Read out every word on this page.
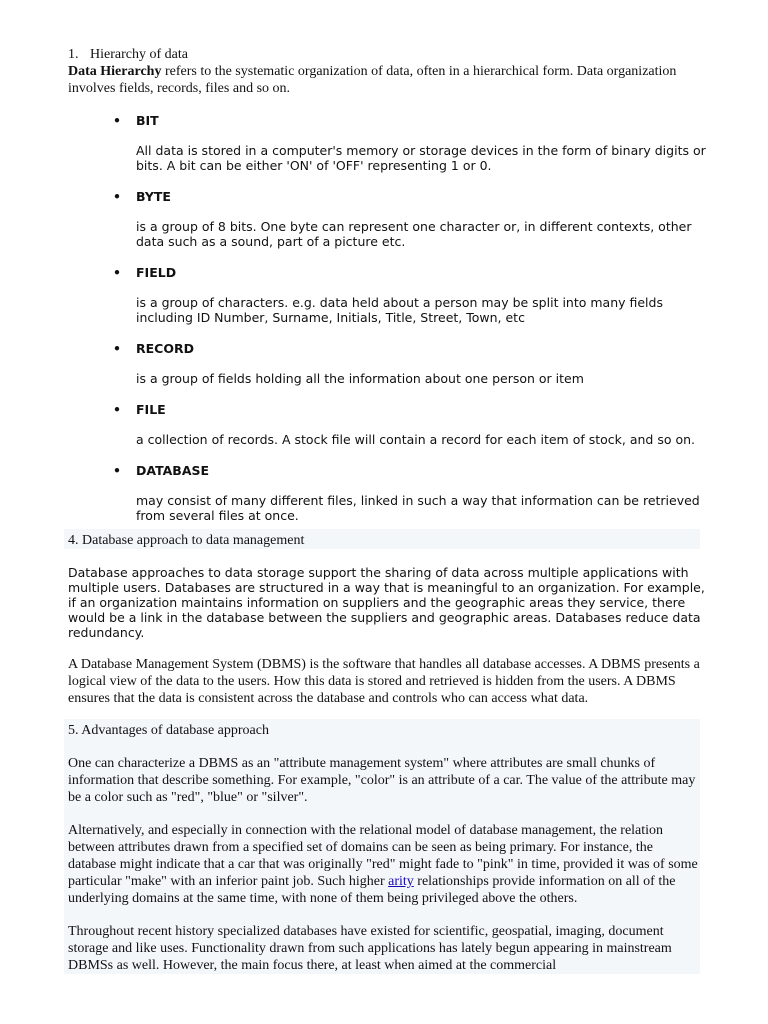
1. Hierarchy of data

Data Hierarchy refers to the systematic organization of data, often in a hierarchical form. Data organization involves fields, records, files and so on.

• BIT
All data is stored in a computer's memory or storage devices in the form of binary digits or bits. A bit can be either 'ON' of 'OFF' representing 1 or 0.
• BYTE
is a group of 8 bits. One byte can represent one character or, in different contexts, other data such as a sound, part of a picture etc.
• FIELD
is a group of characters. e.g. data held about a person may be split into many fields including ID Number, Surname, Initials, Title, Street, Town, etc
• RECORD
is a group of fields holding all the information about one person or item
• FILE
a collection of records. A stock file will contain a record for each item of stock, and so on.
• DATABASE
may consist of many different files, linked in such a way that information can be retrieved from several files at once.
4. Database approach to data management

Database approaches to data storage support the sharing of data across multiple applications with multiple users. Databases are structured in a way that is meaningful to an organization. For example, if an organization maintains information on suppliers and the geographic areas they service, there would be a link in the database between the suppliers and geographic areas. Databases reduce data redundancy.

A Database Management System (DBMS) is the software that handles all database accesses. A DBMS presents a logical view of the data to the users. How this data is stored and retrieved is hidden from the users. A DBMS ensures that the data is consistent across the database and controls who can access what data.

5. Advantages of database approach

One can characterize a DBMS as an "attribute management system" where attributes are small chunks of information that describe something. For example, "color" is an attribute of a car. The value of the attribute may be a color such as "red", "blue" or "silver".

Alternatively, and especially in connection with the relational model of database management, the relation between attributes drawn from a specified set of domains can be seen as being primary. For instance, the database might indicate that a car that was originally "red" might fade to "pink" in time, provided it was of some particular "make" with an inferior paint job. Such higher arity relationships provide information on all of the underlying domains at the same time, with none of them being privileged above the others.

Throughout recent history specialized databases have existed for scientific, geospatial, imaging, document storage and like uses. Functionality drawn from such applications has lately begun appearing in mainstream DBMSs as well. However, the main focus there, at least when aimed at the commercial
